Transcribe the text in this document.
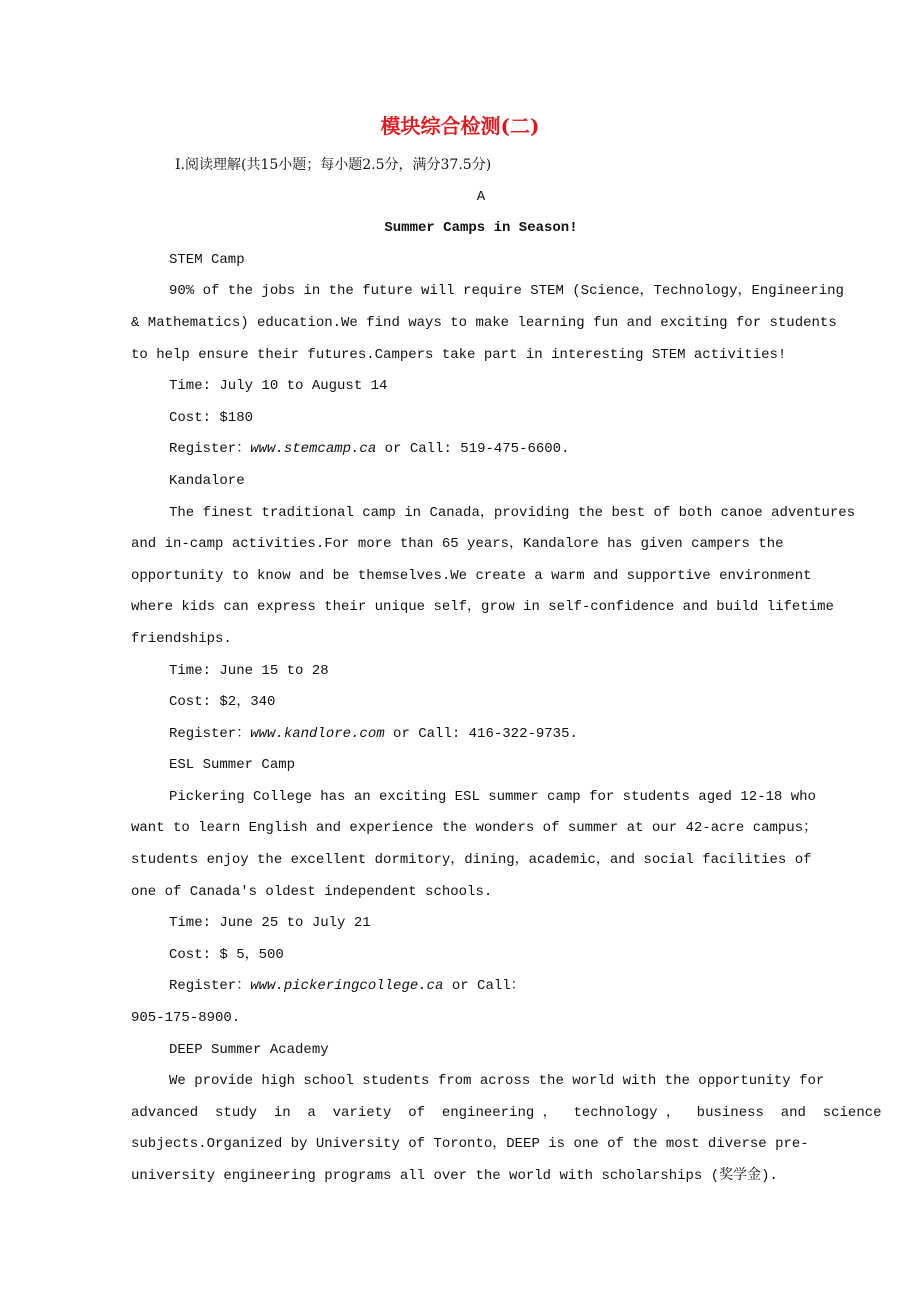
模块综合检测(二)
Ⅰ.阅读理解(共15小题；每小题2.5分，满分37.5分)
A
Summer Camps in Season!
STEM Camp
90% of the jobs in the future will require STEM (Science，Technology，Engineering
& Mathematics) education.We find ways to make learning fun and exciting for students
to help ensure their futures.Campers take part in interesting STEM activities!
Time: July 10 to August 14
Cost: $180
Register：www.stemcamp.ca or Call: 519-475-6600.
Kandalore
The finest traditional camp in Canada，providing the best of both canoe adventures
and in-camp activities.For more than 65 years，Kandalore has given campers the
opportunity to know and be themselves.We create a warm and supportive environment
where kids can express their unique self，grow in self-confidence and build lifetime
friendships.
Time: June 15 to 28
Cost: $2，340
Register：www.kandlore.com or Call: 416-322-9735.
ESL Summer Camp
Pickering College has an exciting ESL summer camp for students aged 12-18 who
want to learn English and experience the wonders of summer at our 42-acre campus；
students enjoy the excellent dormitory，dining，academic，and social facilities of
one of Canada's oldest independent schools.
Time: June 25 to July 21
Cost: $ 5，500
Register：www.pickeringcollege.ca or Call：
905-175-8900.
DEEP Summer Academy
We provide high school students from across the world with the opportunity for
advanced  study  in  a  variety  of  engineering ，  technology ，  business  and  science
subjects.Organized by University of Toronto，DEEP is one of the most diverse pre-
university engineering programs all over the world with scholarships (奖学金).
